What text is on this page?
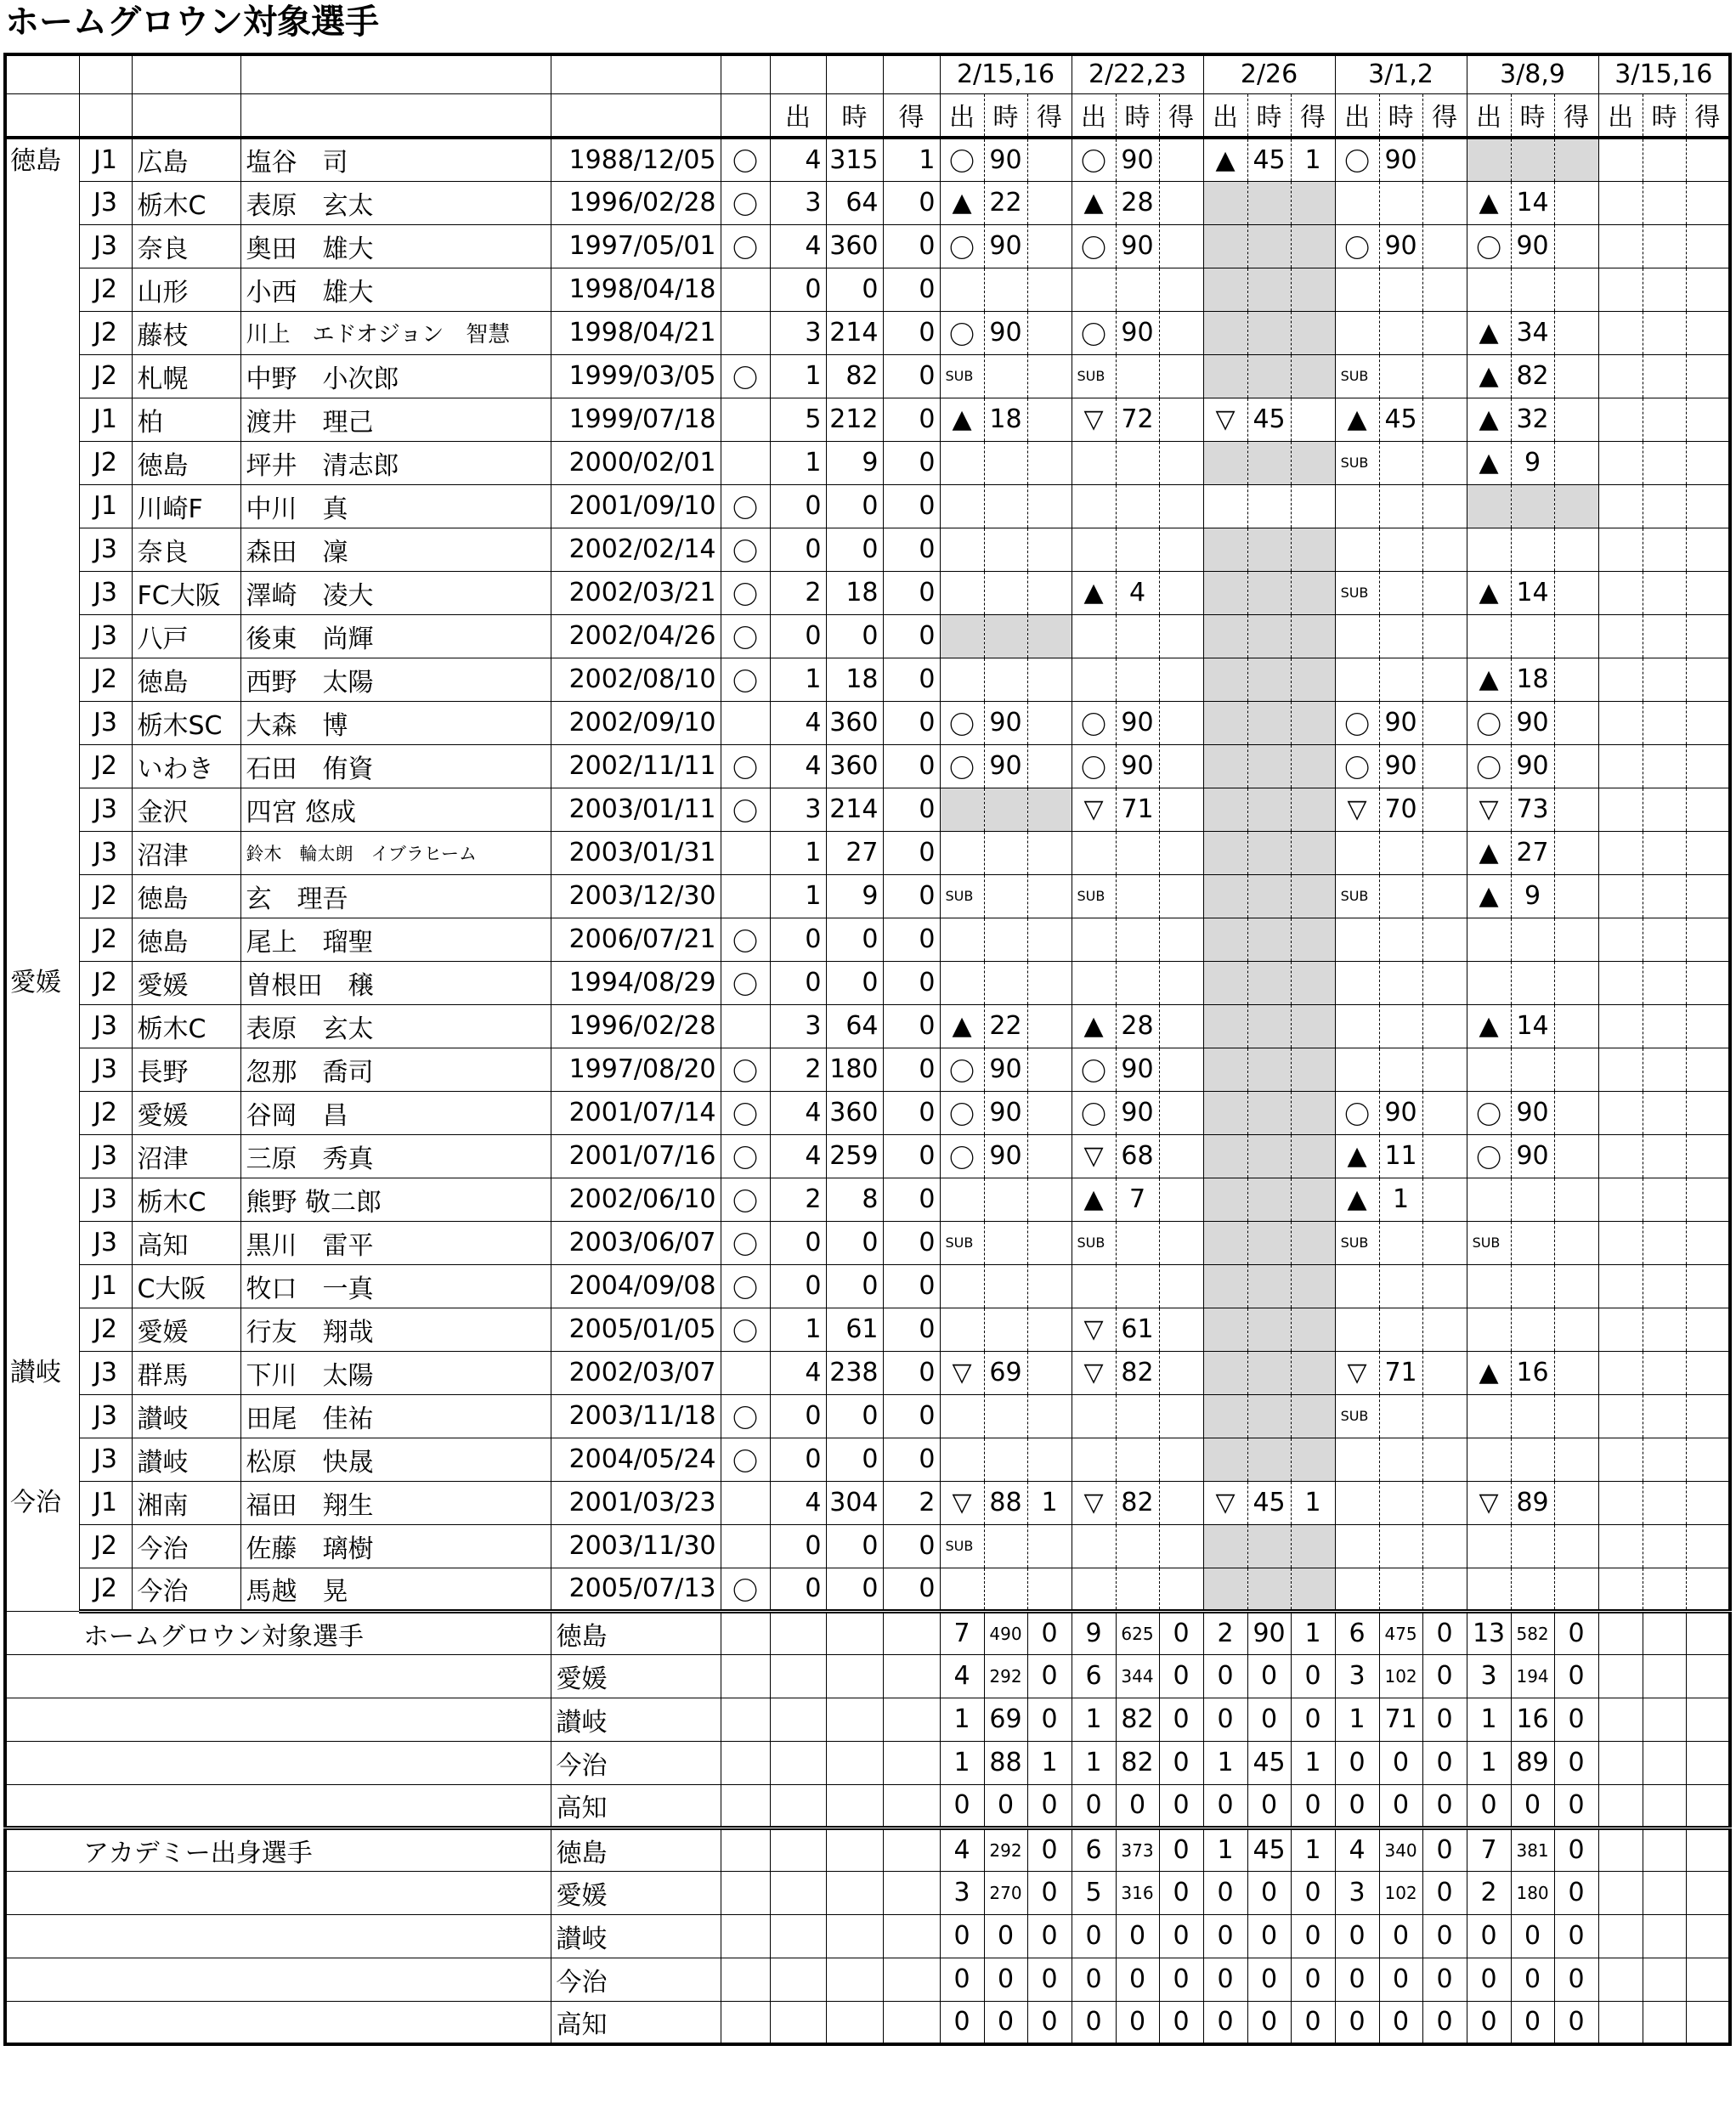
ホームグロウン対象選手
									2/15,16			2/22,23			2/26			3/1,2			3/8,9			3/15,16		
						出	時	得	出	時	得	出	時	得	出	時	得	出	時	得	出	時	得	出	時	得
徳島	J1	広島	塩谷　司	1988/12/05	〇	4	315	1	〇	90		〇	90		▲	45	1	〇	90							
	J3	栃木C	表原　玄太	1996/02/28	〇	3	64	0	▲	22		▲	28								▲	14				
	J3	奈良	奥田　雄大	1997/05/01	〇	4	360	0	〇	90		〇	90					〇	90		〇	90				
	J2	山形	小西　雄大	1998/04/18		0	0	0																		
	J2	藤枝	川上　エドオジョン　智慧	1998/04/21		3	214	0	〇	90		〇	90								▲	34				
	J2	札幌	中野　小次郎	1999/03/05	〇	1	82	0	SUB			SUB						SUB			▲	82				
	J1	柏	渡井　理己	1999/07/18		5	212	0	▲	18		▽	72		▽	45		▲	45		▲	32				
	J2	徳島	坪井　清志郎	2000/02/01		1	9	0										SUB			▲	9				
	J1	川崎F	中川　真	2001/09/10	〇	0	0	0																		
	J3	奈良	森田　凜	2002/02/14	〇	0	0	0																		
	J3	FC大阪	澤崎　凌大	2002/03/21	〇	2	18	0				▲	4					SUB			▲	14				
	J3	八戸	後東　尚輝	2002/04/26	〇	0	0	0																		
	J2	徳島	西野　太陽	2002/08/10	〇	1	18	0													▲	18				
	J3	栃木SC	大森　博	2002/09/10		4	360	0	〇	90		〇	90					〇	90		〇	90				
	J2	いわき	石田　侑資	2002/11/11	〇	4	360	0	〇	90		〇	90					〇	90		〇	90				
	J3	金沢	四宮 悠成	2003/01/11	〇	3	214	0				▽	71					▽	70		▽	73				
	J3	沼津	鈴木　輪太朗　イブラヒーム	2003/01/31		1	27	0													▲	27				
	J2	徳島	玄　理吾	2003/12/30		1	9	0	SUB			SUB						SUB			▲	9				
	J2	徳島	尾上　瑠聖	2006/07/21	〇	0	0	0																		
愛媛	J2	愛媛	曽根田　穣	1994/08/29	〇	0	0	0																		
	J3	栃木C	表原　玄太	1996/02/28		3	64	0	▲	22		▲	28								▲	14				
	J3	長野	忽那　喬司	1997/08/20	〇	2	180	0	〇	90		〇	90													
	J2	愛媛	谷岡　昌	2001/07/14	〇	4	360	0	〇	90		〇	90					〇	90		〇	90				
	J3	沼津	三原　秀真	2001/07/16	〇	4	259	0	〇	90		▽	68					▲	11		〇	90				
	J3	栃木C	熊野 敬二郎	2002/06/10	〇	2	8	0				▲	7					▲	1							
	J3	高知	黒川　雷平	2003/06/07	〇	0	0	0	SUB			SUB						SUB			SUB					
	J1	C大阪	牧口　一真	2004/09/08	〇	0	0	0																		
	J2	愛媛	行友　翔哉	2005/01/05	〇	1	61	0				▽	61													
讃岐	J3	群馬	下川　太陽	2002/03/07		4	238	0	▽	69		▽	82					▽	71		▲	16				
	J3	讃岐	田尾　佳祐	2003/11/18	〇	0	0	0										SUB								
	J3	讃岐	松原　快晟	2004/05/24	〇	0	0	0																		
今治	J1	湘南	福田　翔生	2001/03/23		4	304	2	▽	88	1	▽	82		▽	45	1				▽	89				
	J2	今治	佐藤　璃樹	2003/11/30		0	0	0	SUB																	
	J2	今治	馬越　晃	2005/07/13	〇	0	0	0																		
ホームグロウン対象選手				徳島					7	490	0	9	625	0	2	90	1	6	475	0	13	582	0			
				愛媛					4	292	0	6	344	0	0	0	0	3	102	0	3	194	0			
				讃岐					1	69	0	1	82	0	0	0	0	1	71	0	1	16	0			
				今治					1	88	1	1	82	0	1	45	1	0	0	0	1	89	0			
				高知					0	0	0	0	0	0	0	0	0	0	0	0	0	0	0			
アカデミー出身選手				徳島					4	292	0	6	373	0	1	45	1	4	340	0	7	381	0			
				愛媛					3	270	0	5	316	0	0	0	0	3	102	0	2	180	0			
				讃岐					0	0	0	0	0	0	0	0	0	0	0	0	0	0	0			
				今治					0	0	0	0	0	0	0	0	0	0	0	0	0	0	0			
				高知					0	0	0	0	0	0	0	0	0	0	0	0	0	0	0			
